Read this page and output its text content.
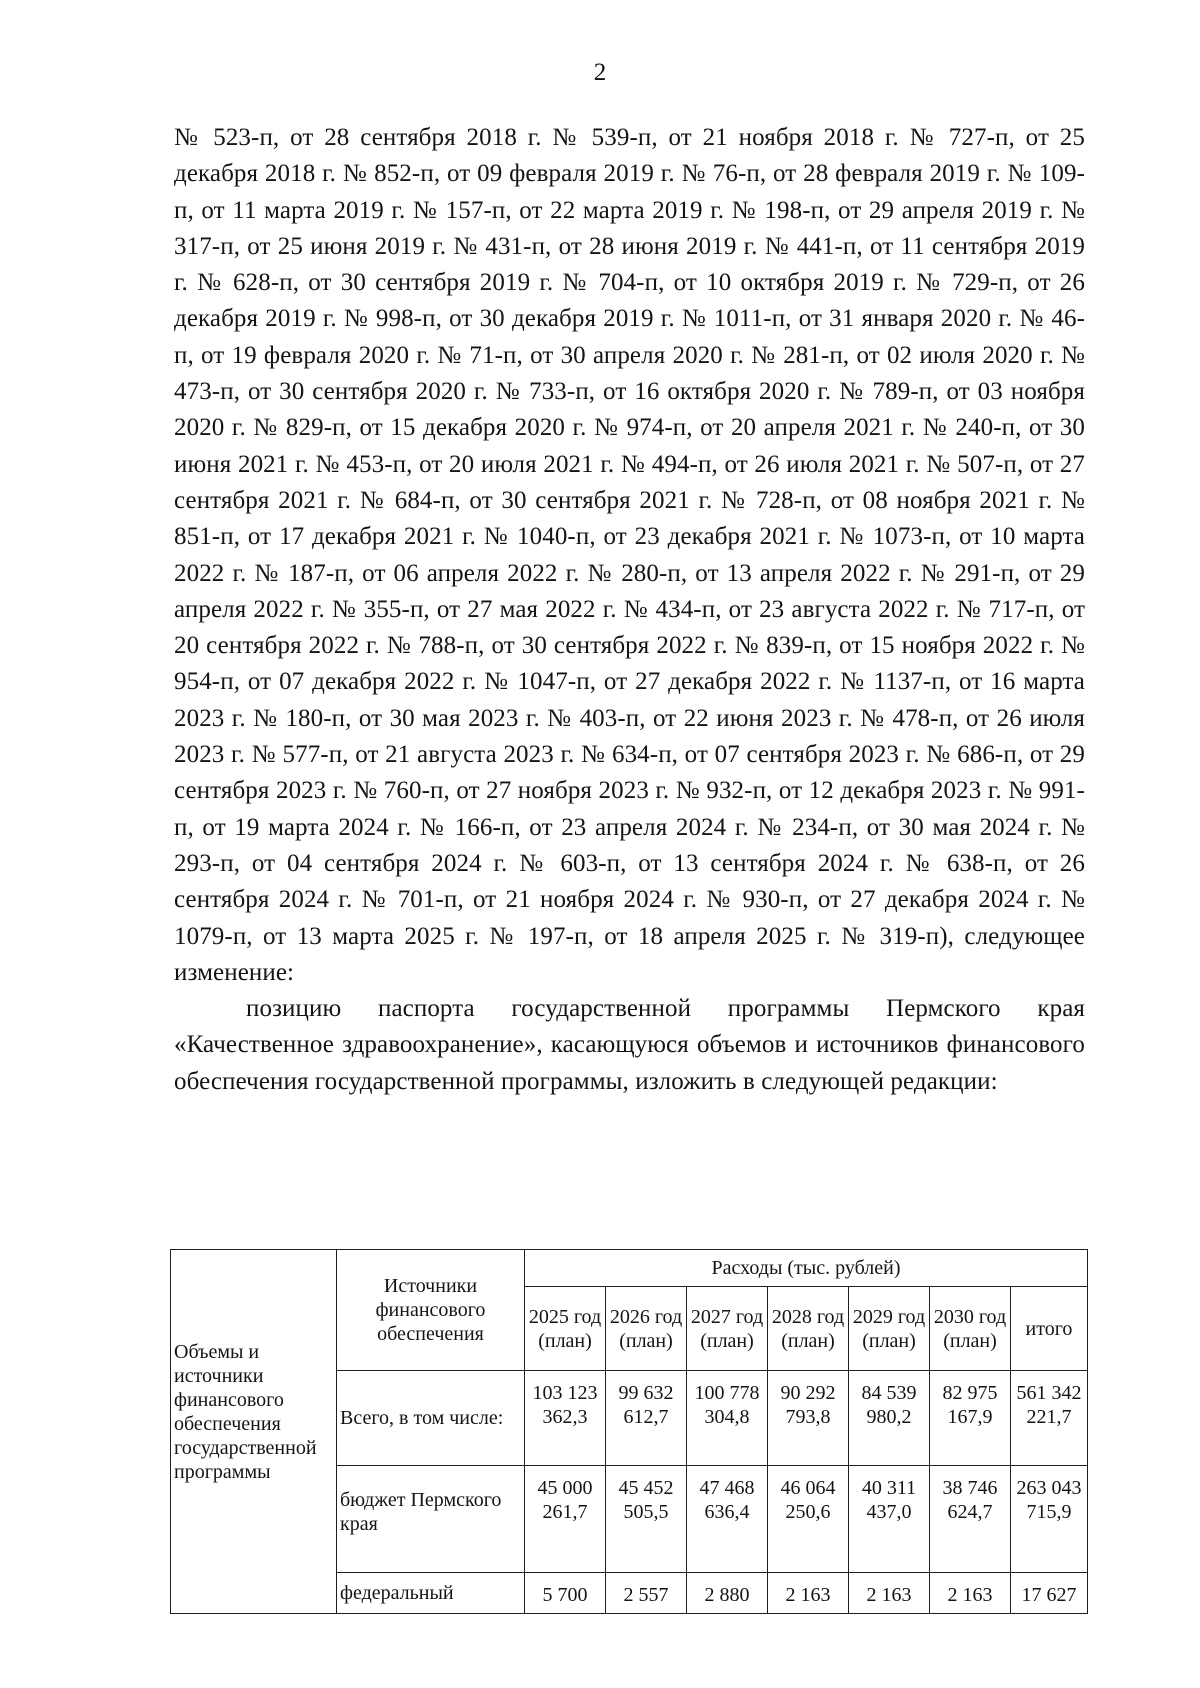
2

№ 523-п, от 28 сентября 2018 г. № 539-п, от 21 ноября 2018 г. № 727-п, от 25 декабря 2018 г. № 852-п, от 09 февраля 2019 г. № 76-п, от 28 февраля 2019 г. № 109-п, от 11 марта 2019 г. № 157-п, от 22 марта 2019 г. № 198-п, от 29 апреля 2019 г. № 317-п, от 25 июня 2019 г. № 431-п, от 28 июня 2019 г. № 441-п, от 11 сентября 2019 г. № 628-п, от 30 сентября 2019 г. № 704-п, от 10 октября 2019 г. № 729-п, от 26 декабря 2019 г. № 998-п, от 30 декабря 2019 г. № 1011-п, от 31 января 2020 г. № 46-п, от 19 февраля 2020 г. № 71-п, от 30 апреля 2020 г. № 281-п, от 02 июля 2020 г. № 473-п, от 30 сентября 2020 г. № 733-п, от 16 октября 2020 г. № 789-п, от 03 ноября 2020 г. № 829-п, от 15 декабря 2020 г. № 974-п, от 20 апреля 2021 г. № 240-п, от 30 июня 2021 г. № 453-п, от 20 июля 2021 г. № 494-п, от 26 июля 2021 г. № 507-п, от 27 сентября 2021 г. № 684-п, от 30 сентября 2021 г. № 728-п, от 08 ноября 2021 г. № 851-п, от 17 декабря 2021 г. № 1040-п, от 23 декабря 2021 г. № 1073-п, от 10 марта 2022 г. № 187-п, от 06 апреля 2022 г. № 280-п, от 13 апреля 2022 г. № 291-п, от 29 апреля 2022 г. № 355-п, от 27 мая 2022 г. № 434-п, от 23 августа 2022 г. № 717-п, от 20 сентября 2022 г. № 788-п, от 30 сентября 2022 г. № 839-п, от 15 ноября 2022 г. № 954-п, от 07 декабря 2022 г. № 1047-п, от 27 декабря 2022 г. № 1137-п, от 16 марта 2023 г. № 180-п, от 30 мая 2023 г. № 403-п, от 22 июня 2023 г. № 478-п, от 26 июля 2023 г. № 577-п, от 21 августа 2023 г. № 634-п, от 07 сентября 2023 г. № 686-п, от 29 сентября 2023 г. № 760-п, от 27 ноября 2023 г. № 932-п, от 12 декабря 2023 г. № 991-п, от 19 марта 2024 г. № 166-п, от 23 апреля 2024 г. № 234-п, от 30 мая 2024 г. № 293-п, от 04 сентября 2024 г. № 603-п, от 13 сентября 2024 г. № 638-п, от 26 сентября 2024 г. № 701-п, от 21 ноября 2024 г. № 930-п, от 27 декабря 2024 г. № 1079-п, от 13 марта 2025 г. № 197-п, от 18 апреля 2025 г. № 319-п), следующее изменение:

позицию паспорта государственной программы Пермского края «Качественное здравоохранение», касающуюся объемов и источников финансового обеспечения государственной программы, изложить в следующей редакции:

Объемы и источники финансового обеспечения государственной программы	Источники финансового обеспечения	Расходы (тыс. рублей)						
		2025 год (план)	2026 год (план)	2027 год (план)	2028 год (план)	2029 год (план)	2030 год (план)	итого
	Всего, в том числе:	103 123 362,3	99 632 612,7	100 778 304,8	90 292 793,8	84 539 980,2	82 975 167,9	561 342 221,7
	бюджет Пермского края	45 000 261,7	45 452 505,5	47 468 636,4	46 064 250,6	40 311 437,0	38 746 624,7	263 043 715,9
	федеральный	5 700	2 557	2 880	2 163	2 163	2 163	17 627
